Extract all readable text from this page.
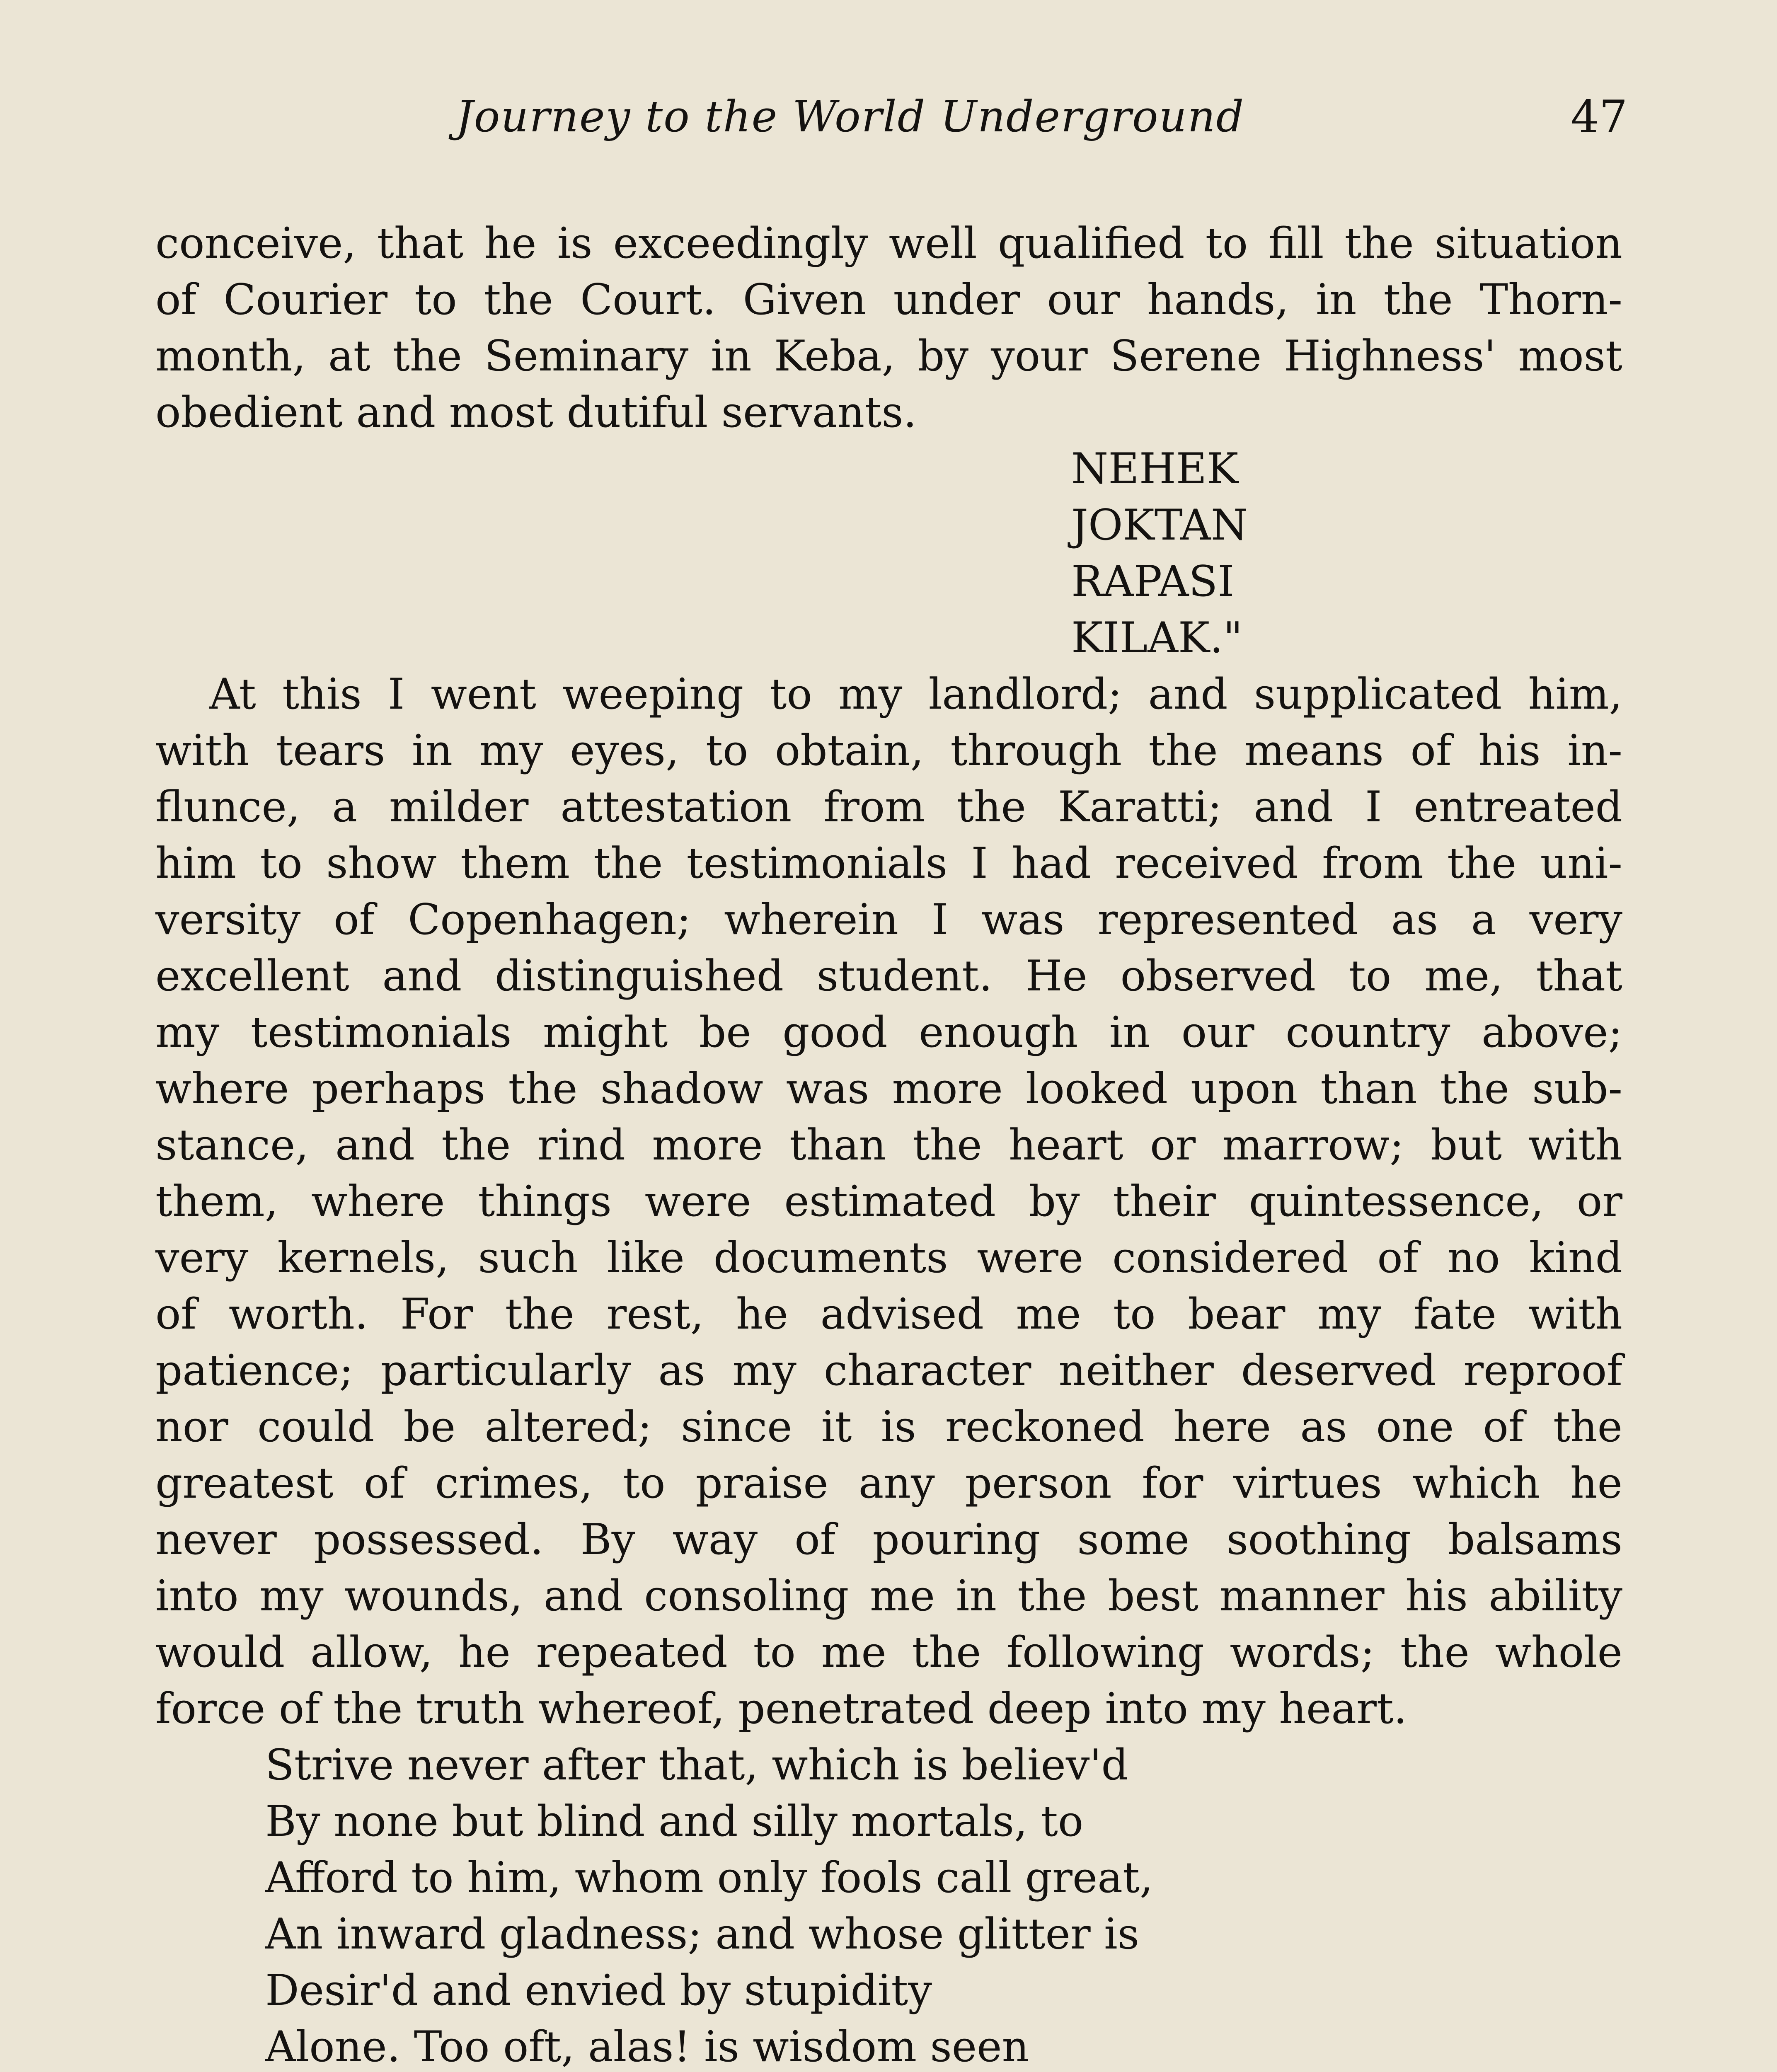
Journey to the World Underground	47
conceive, that he is exceedingly well qualified to fill the situation
of Courier to the Court. Given under our hands, in the Thorn-
month, at the Seminary in Keba, by your Serene Highness' most
obedient and most dutiful servants.
NEHEK
JOKTAN
RAPASI
KILAK."
At this I went weeping to my landlord; and supplicated him,
with tears in my eyes, to obtain, through the means of his in-
flunce, a milder attestation from the Karatti; and I entreated
him to show them the testimonials I had received from the uni-
versity of Copenhagen; wherein I was represented as a very
excellent and distinguished student. He observed to me, that
my testimonials might be good enough in our country above;
where perhaps the shadow was more looked upon than the sub-
stance, and the rind more than the heart or marrow; but with
them, where things were estimated by their quintessence, or
very kernels, such like documents were considered of no kind
of worth. For the rest, he advised me to bear my fate with
patience; particularly as my character neither deserved reproof
nor could be altered; since it is reckoned here as one of the
greatest of crimes, to praise any person for virtues which he
never possessed. By way of pouring some soothing balsams
into my wounds, and consoling me in the best manner his ability
would allow, he repeated to me the following words; the whole
force of the truth whereof, penetrated deep into my heart.
Strive never after that, which is believ'd
By none but blind and silly mortals, to
Afford to him, whom only fools call great,
An inward gladness; and whose glitter is
Desir'd and envied by stupidity
Alone. Too oft, alas! is wisdom seen
